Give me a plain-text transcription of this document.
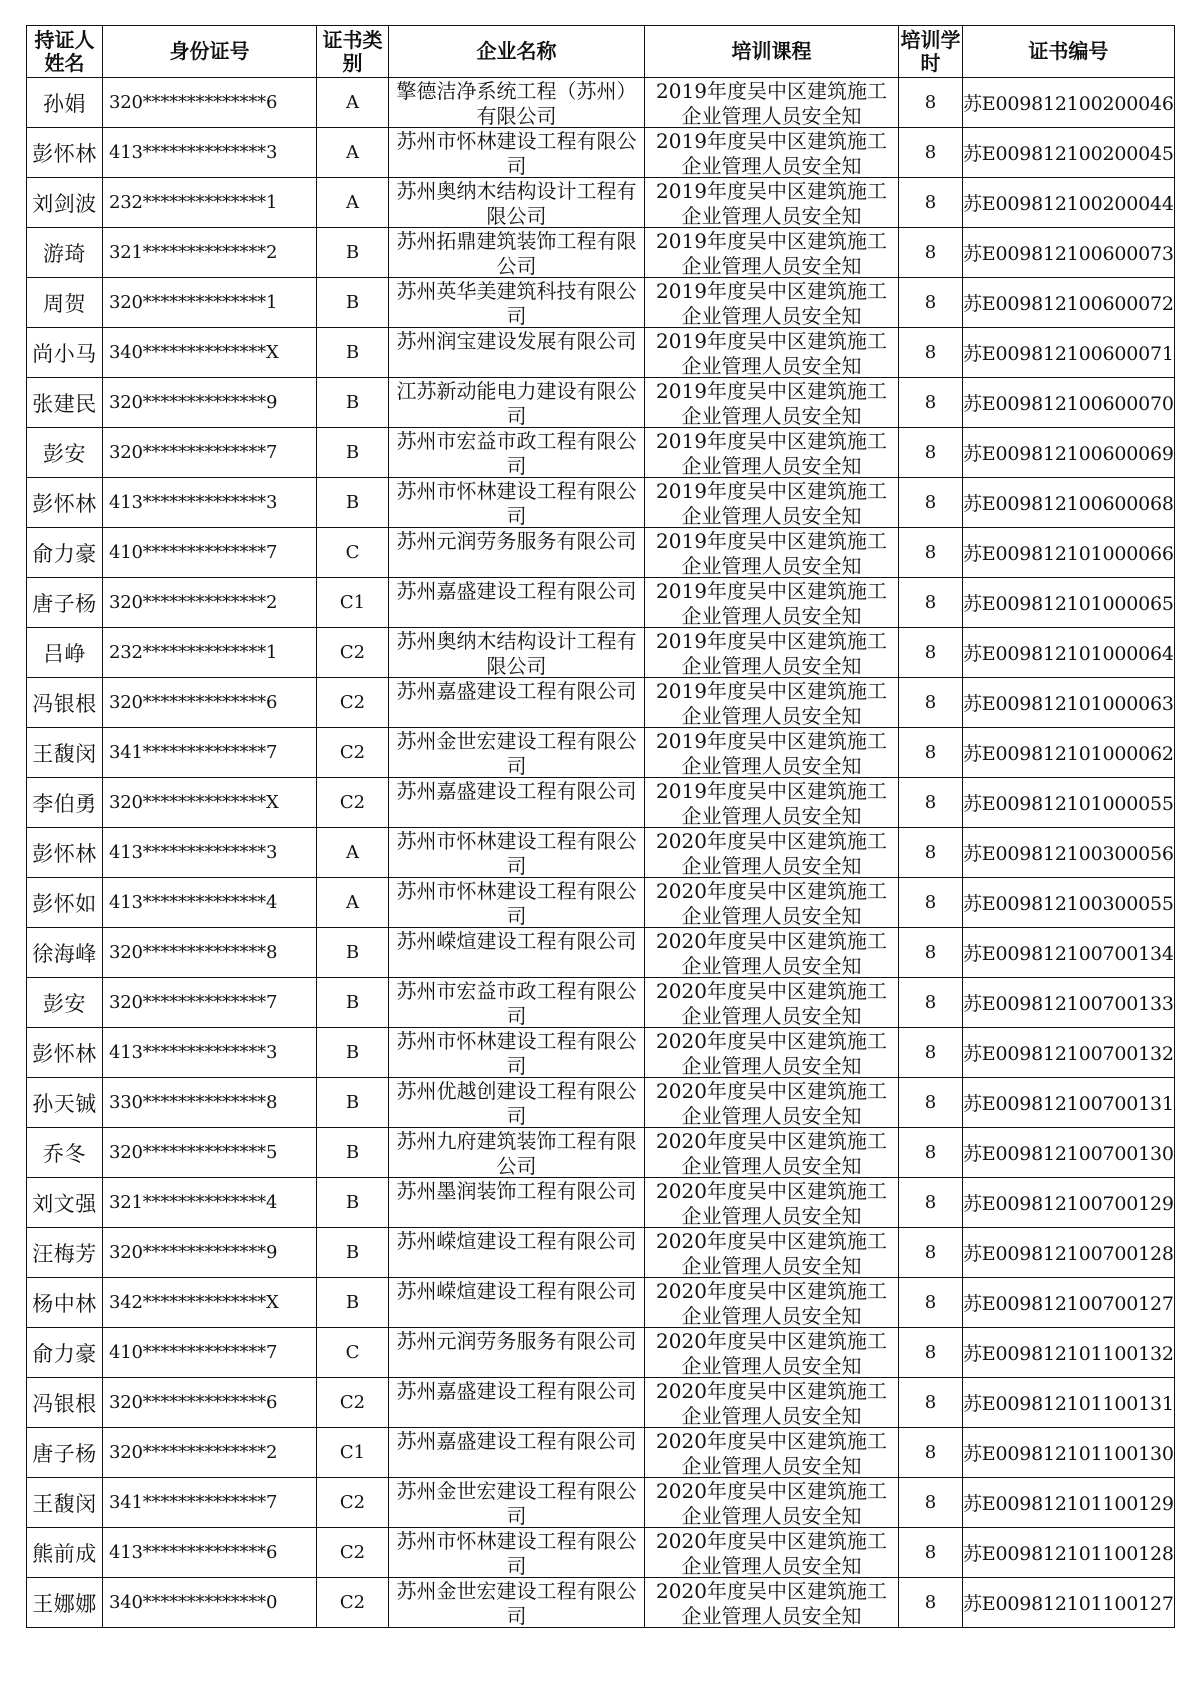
持证人姓名	身份证号	证书类别	企业名称	培训课程	培训学时	证书编号
孙娟	320**************6	A	擎德洁净系统工程（苏州）有限公司	2019年度吴中区建筑施工企业管理人员安全知	8	苏E009812100200046
彭怀林	413**************3	A	苏州市怀林建设工程有限公司	2019年度吴中区建筑施工企业管理人员安全知	8	苏E009812100200045
刘剑波	232**************1	A	苏州奥纳木结构设计工程有限公司	2019年度吴中区建筑施工企业管理人员安全知	8	苏E009812100200044
游琦	321**************2	B	苏州拓鼎建筑装饰工程有限公司	2019年度吴中区建筑施工企业管理人员安全知	8	苏E009812100600073
周贺	320**************1	B	苏州英华美建筑科技有限公司	2019年度吴中区建筑施工企业管理人员安全知	8	苏E009812100600072
尚小马	340**************X	B	苏州润宝建设发展有限公司	2019年度吴中区建筑施工企业管理人员安全知	8	苏E009812100600071
张建民	320**************9	B	江苏新动能电力建设有限公司	2019年度吴中区建筑施工企业管理人员安全知	8	苏E009812100600070
彭安	320**************7	B	苏州市宏益市政工程有限公司	2019年度吴中区建筑施工企业管理人员安全知	8	苏E009812100600069
彭怀林	413**************3	B	苏州市怀林建设工程有限公司	2019年度吴中区建筑施工企业管理人员安全知	8	苏E009812100600068
俞力豪	410**************7	C	苏州元润劳务服务有限公司	2019年度吴中区建筑施工企业管理人员安全知	8	苏E009812101000066
唐子杨	320**************2	C1	苏州嘉盛建设工程有限公司	2019年度吴中区建筑施工企业管理人员安全知	8	苏E009812101000065
吕峥	232**************1	C2	苏州奥纳木结构设计工程有限公司	2019年度吴中区建筑施工企业管理人员安全知	8	苏E009812101000064
冯银根	320**************6	C2	苏州嘉盛建设工程有限公司	2019年度吴中区建筑施工企业管理人员安全知	8	苏E009812101000063
王馥闵	341**************7	C2	苏州金世宏建设工程有限公司	2019年度吴中区建筑施工企业管理人员安全知	8	苏E009812101000062
李伯勇	320**************X	C2	苏州嘉盛建设工程有限公司	2019年度吴中区建筑施工企业管理人员安全知	8	苏E009812101000055
彭怀林	413**************3	A	苏州市怀林建设工程有限公司	2020年度吴中区建筑施工企业管理人员安全知	8	苏E009812100300056
彭怀如	413**************4	A	苏州市怀林建设工程有限公司	2020年度吴中区建筑施工企业管理人员安全知	8	苏E009812100300055
徐海峰	320**************8	B	苏州嵘煊建设工程有限公司	2020年度吴中区建筑施工企业管理人员安全知	8	苏E009812100700134
彭安	320**************7	B	苏州市宏益市政工程有限公司	2020年度吴中区建筑施工企业管理人员安全知	8	苏E009812100700133
彭怀林	413**************3	B	苏州市怀林建设工程有限公司	2020年度吴中区建筑施工企业管理人员安全知	8	苏E009812100700132
孙天铖	330**************8	B	苏州优越创建设工程有限公司	2020年度吴中区建筑施工企业管理人员安全知	8	苏E009812100700131
乔冬	320**************5	B	苏州九府建筑装饰工程有限公司	2020年度吴中区建筑施工企业管理人员安全知	8	苏E009812100700130
刘文强	321**************4	B	苏州墨润装饰工程有限公司	2020年度吴中区建筑施工企业管理人员安全知	8	苏E009812100700129
汪梅芳	320**************9	B	苏州嵘煊建设工程有限公司	2020年度吴中区建筑施工企业管理人员安全知	8	苏E009812100700128
杨中林	342**************X	B	苏州嵘煊建设工程有限公司	2020年度吴中区建筑施工企业管理人员安全知	8	苏E009812100700127
俞力豪	410**************7	C	苏州元润劳务服务有限公司	2020年度吴中区建筑施工企业管理人员安全知	8	苏E009812101100132
冯银根	320**************6	C2	苏州嘉盛建设工程有限公司	2020年度吴中区建筑施工企业管理人员安全知	8	苏E009812101100131
唐子杨	320**************2	C1	苏州嘉盛建设工程有限公司	2020年度吴中区建筑施工企业管理人员安全知	8	苏E009812101100130
王馥闵	341**************7	C2	苏州金世宏建设工程有限公司	2020年度吴中区建筑施工企业管理人员安全知	8	苏E009812101100129
熊前成	413**************6	C2	苏州市怀林建设工程有限公司	2020年度吴中区建筑施工企业管理人员安全知	8	苏E009812101100128
王娜娜	340**************0	C2	苏州金世宏建设工程有限公司	2020年度吴中区建筑施工企业管理人员安全知	8	苏E009812101100127
